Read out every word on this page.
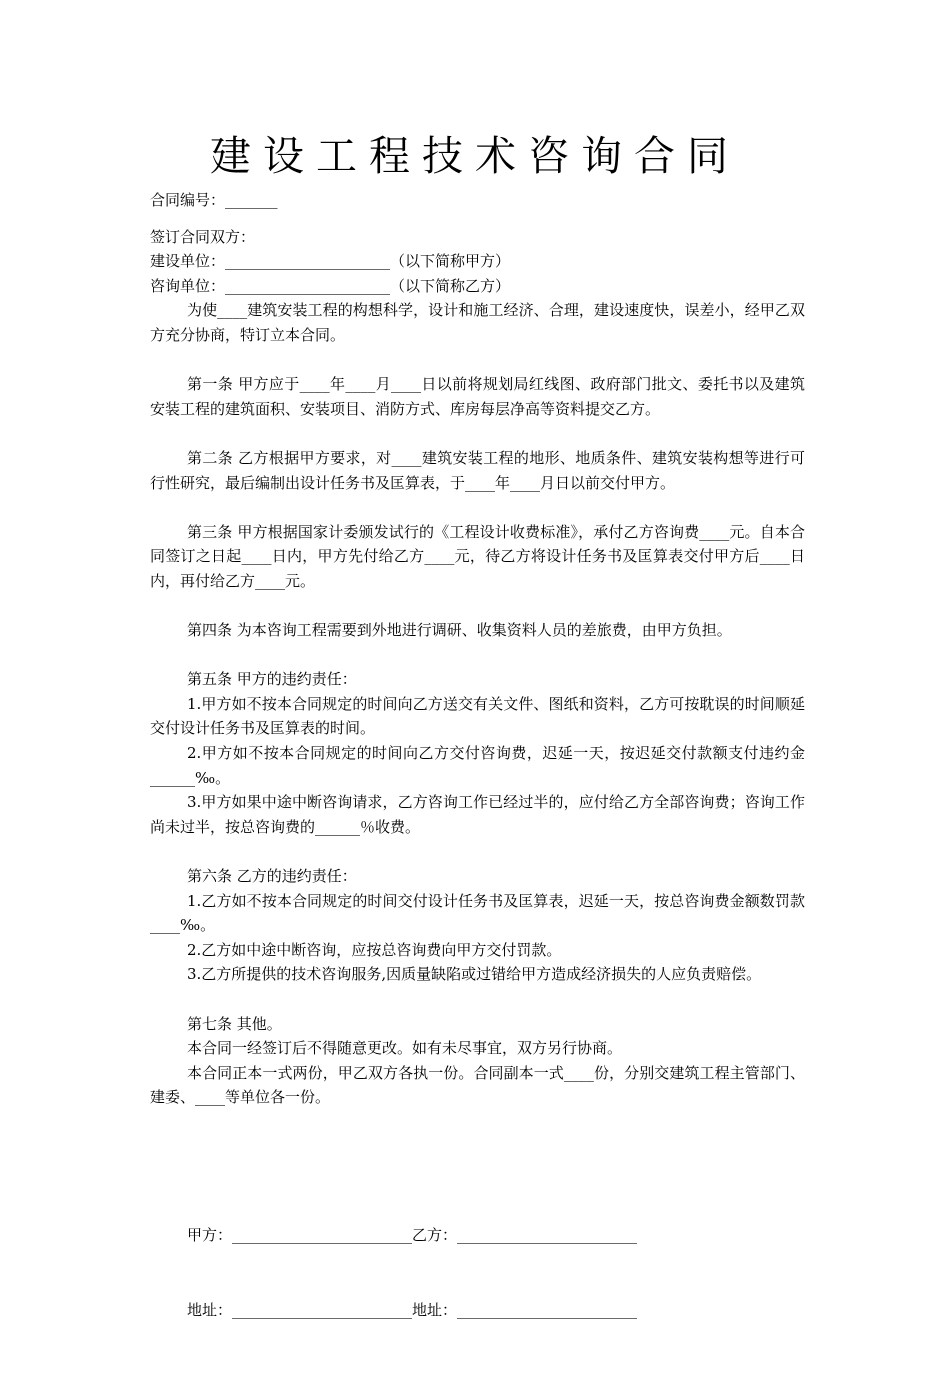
建设工程技术咨询合同

合同编号：_______

签订合同双方：

建设单位：______________________（以下简称甲方）

咨询单位：______________________（以下简称乙方）

为使____建筑安装工程的构想科学，设计和施工经济、合理，建设速度快，误差小，经甲乙双方充分协商，特订立本合同。

第一条 甲方应于____年____月____日以前将规划局红线图、政府部门批文、委托书以及建筑安装工程的建筑面积、安装项目、消防方式、库房每层净高等资料提交乙方。

第二条 乙方根据甲方要求，对____建筑安装工程的地形、地质条件、建筑安装构想等进行可行性研究，最后编制出设计任务书及匡算表，于____年____月日以前交付甲方。

第三条 甲方根据国家计委颁发试行的《工程设计收费标准》，承付乙方咨询费____元。自本合同签订之日起____日内，甲方先付给乙方____元，待乙方将设计任务书及匡算表交付甲方后____日内，再付给乙方____元。

第四条 为本咨询工程需要到外地进行调研、收集资料人员的差旅费，由甲方负担。

第五条 甲方的违约责任：

1.甲方如不按本合同规定的时间向乙方送交有关文件、图纸和资料，乙方可按耽误的时间顺延交付设计任务书及匡算表的时间。

2.甲方如不按本合同规定的时间向乙方交付咨询费，迟延一天，按迟延交付款额支付违约金______‰。

3.甲方如果中途中断咨询请求，乙方咨询工作已经过半的，应付给乙方全部咨询费；咨询工作尚未过半，按总咨询费的______％收费。

第六条 乙方的违约责任：

1.乙方如不按本合同规定的时间交付设计任务书及匡算表，迟延一天，按总咨询费金额数罚款____‰。

2.乙方如中途中断咨询，应按总咨询费向甲方交付罚款。

3.乙方所提供的技术咨询服务,因质量缺陷或过错给甲方造成经济损失的人应负责赔偿。

第七条 其他。

本合同一经签订后不得随意更改。如有未尽事宜，双方另行协商。

本合同正本一式两份，甲乙双方各执一份。合同副本一式____份，分别交建筑工程主管部门、建委、____等单位各一份。

甲方：________________________乙方：________________________

地址：________________________地址：________________________
